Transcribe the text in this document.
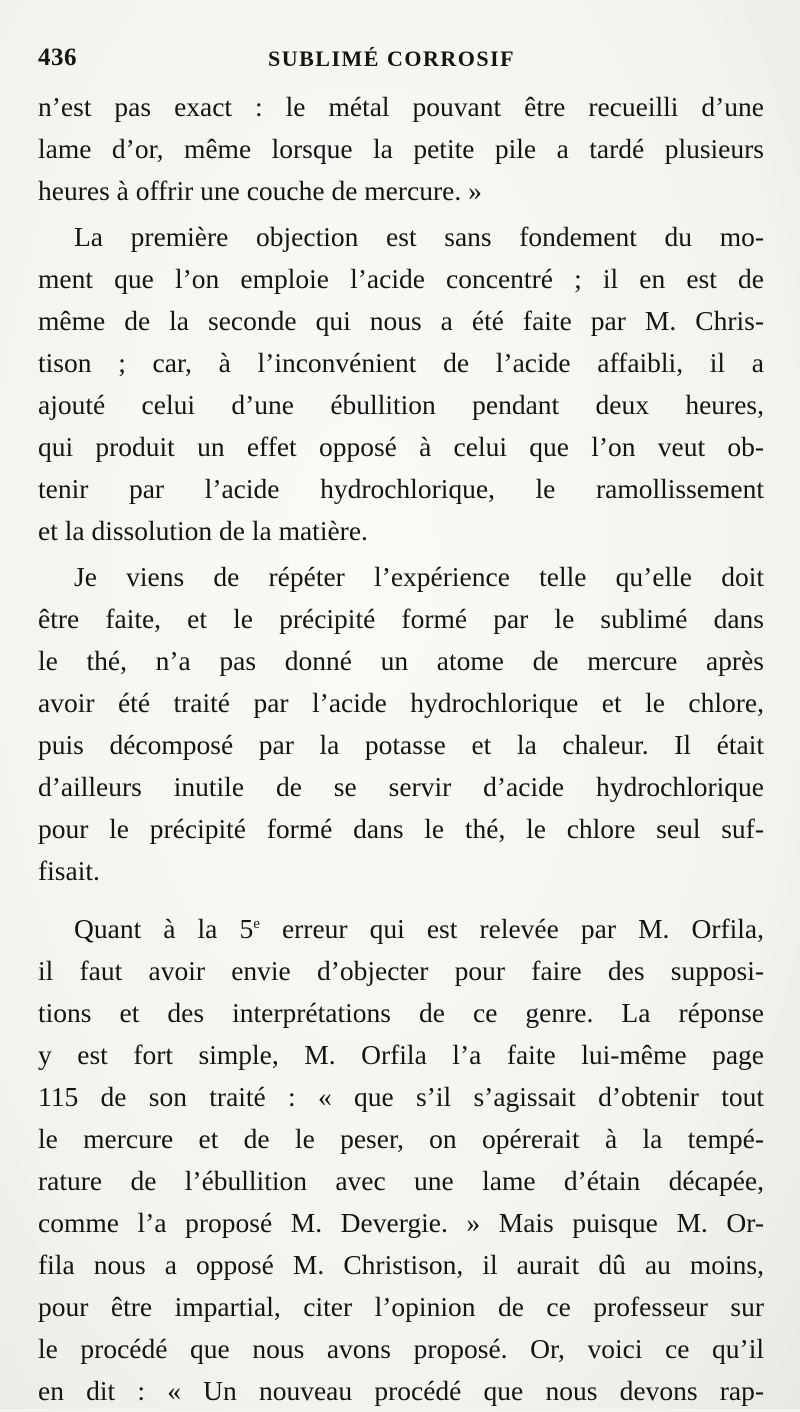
436	SUBLIMÉ CORROSIF
n’est pas exact : le métal pouvant être recueilli d’une
lame d’or, même lorsque la petite pile a tardé plusieurs
heures à offrir une couche de mercure. »
La première objection est sans fondement du mo-
ment que l’on emploie l’acide concentré ; il en est de
même de la seconde qui nous a été faite par M. Chris-
tison ; car, à l’inconvénient de l’acide affaibli, il a
ajouté celui d’une ébullition pendant deux heures,
qui produit un effet opposé à celui que l’on veut ob-
tenir par l’acide hydrochlorique, le ramollissement
et la dissolution de la matière.
Je viens de répéter l’expérience telle qu’elle doit
être faite, et le précipité formé par le sublimé dans
le thé, n’a pas donné un atome de mercure après
avoir été traité par l’acide hydrochlorique et le chlore,
puis décomposé par la potasse et la chaleur. Il était
d’ailleurs inutile de se servir d’acide hydrochlorique
pour le précipité formé dans le thé, le chlore seul suf-
fisait.
Quant à la 5e erreur qui est relevée par M. Orfila,
il faut avoir envie d’objecter pour faire des supposi-
tions et des interprétations de ce genre. La réponse
y est fort simple, M. Orfila l’a faite lui-même page
115 de son traité : « que s’il s’agissait d’obtenir tout
le mercure et de le peser, on opérerait à la tempé-
rature de l’ébullition avec une lame d’étain décapée,
comme l’a proposé M. Devergie. » Mais puisque M. Or-
fila nous a opposé M. Christison, il aurait dû au moins,
pour être impartial, citer l’opinion de ce professeur sur
le procédé que nous avons proposé. Or, voici ce qu’il
en dit : « Un nouveau procédé que nous devons rap-
